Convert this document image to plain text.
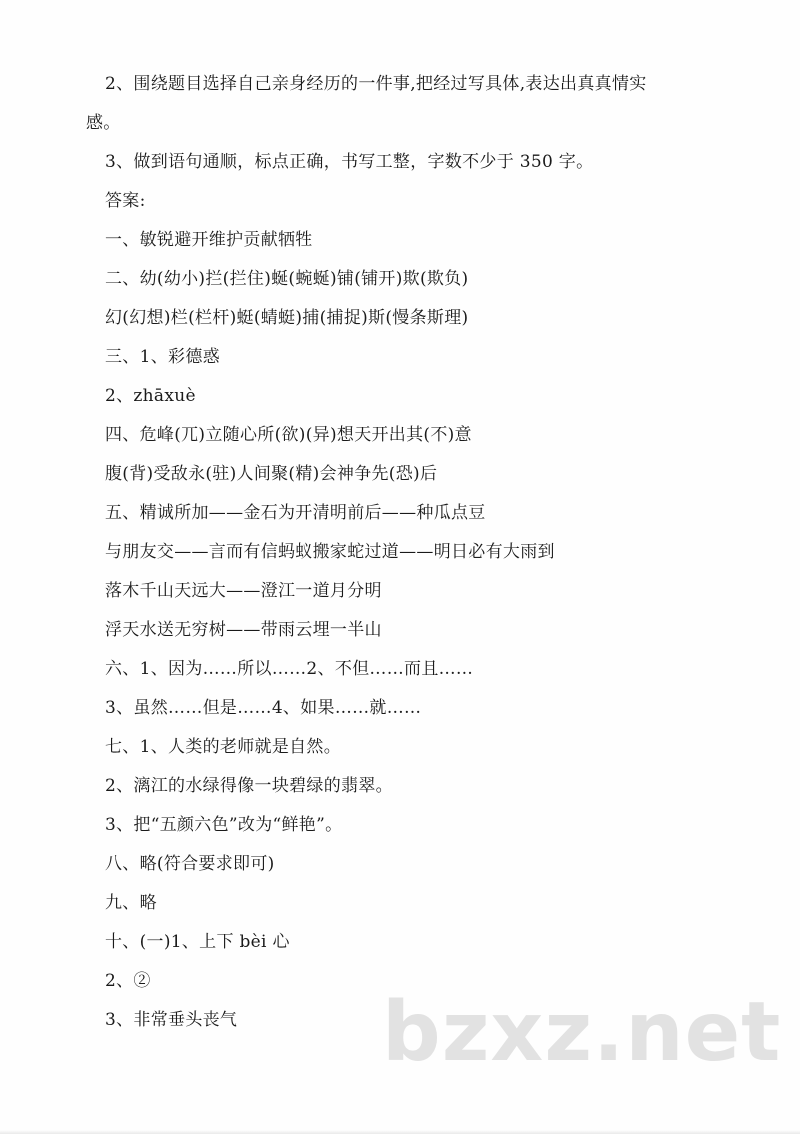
2、围绕题目选择自己亲身经历的一件事,把经过写具体,表达出真真情实
感。
3、做到语句通顺，标点正确，书写工整，字数不少于 350 字。
答案:
一、敏锐避开维护贡献牺牲
二、幼(幼小)拦(拦住)蜒(蜿蜒)铺(铺开)欺(欺负)
幻(幻想)栏(栏杆)蜓(蜻蜓)捕(捕捉)斯(慢条斯理)
三、1、彩德惑
2、zhāxuè
四、危峰(兀)立随心所(欲)(异)想天开出其(不)意
腹(背)受敌永(驻)人间聚(精)会神争先(恐)后
五、精诚所加——金石为开清明前后——种瓜点豆
与朋友交——言而有信蚂蚁搬家蛇过道——明日必有大雨到
落木千山天远大——澄江一道月分明
浮天水送无穷树——带雨云埋一半山
六、1、因为……所以……2、不但……而且……
3、虽然……但是……4、如果……就……
七、1、人类的老师就是自然。
2、漓江的水绿得像一块碧绿的翡翠。
3、把“五颜六色”改为“鲜艳”。
八、略(符合要求即可)
九、略
十、(一)1、上下 bèi 心
2、②
3、非常垂头丧气 bzxz.net
